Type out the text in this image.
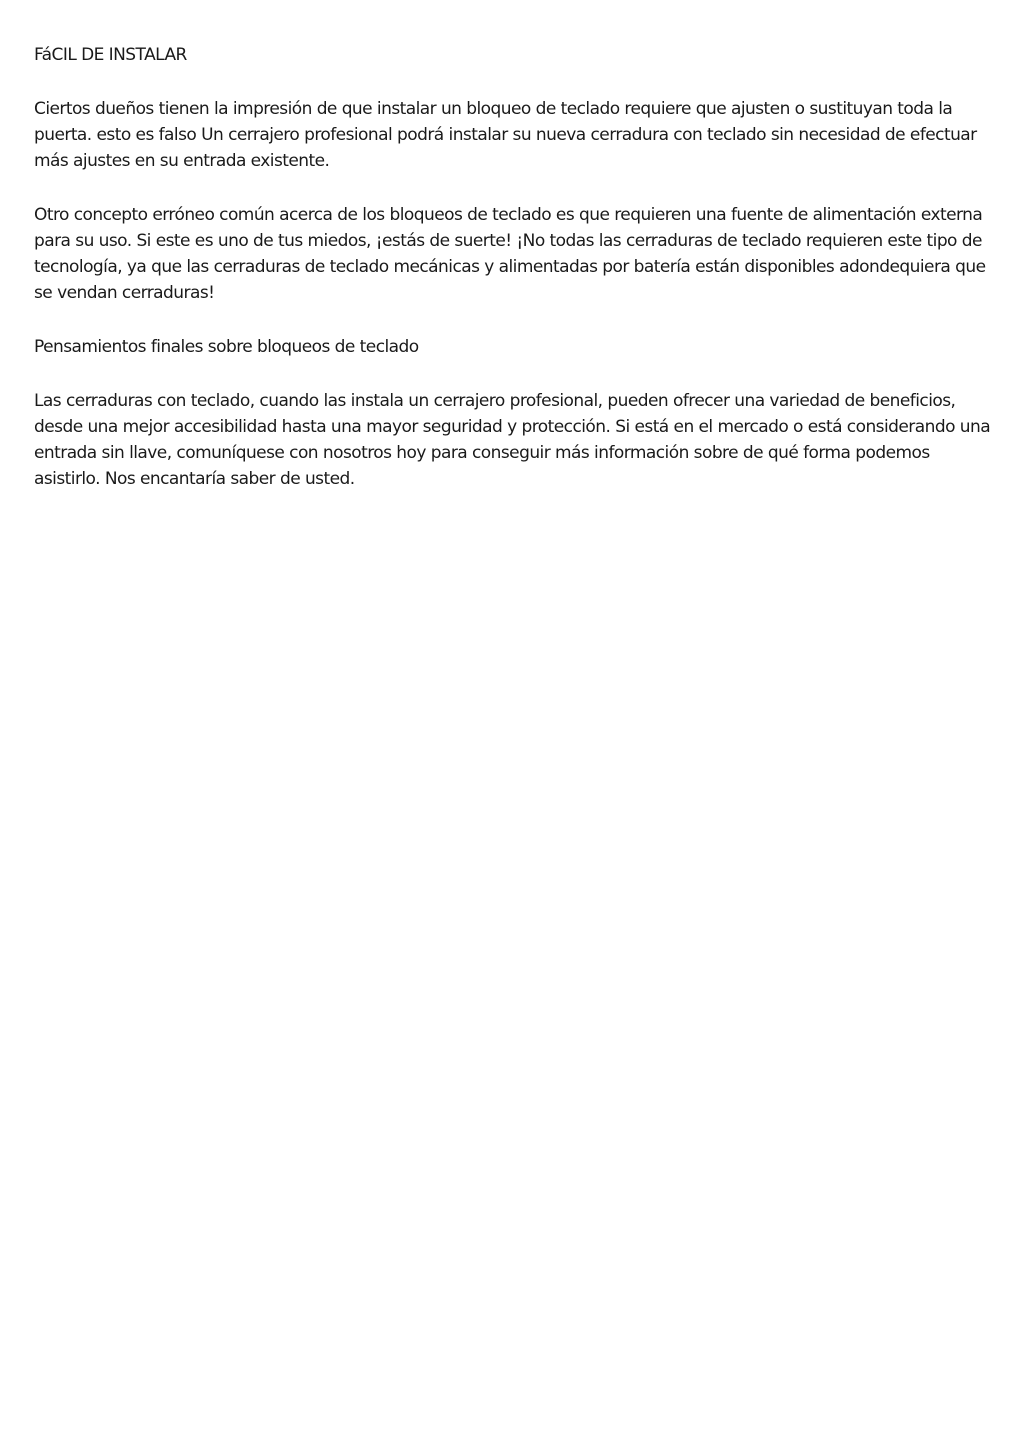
FáCIL DE INSTALAR

Ciertos dueños tienen la impresión de que instalar un bloqueo de teclado requiere que ajusten o sustituyan toda la puerta. esto es falso Un cerrajero profesional podrá instalar su nueva cerradura con teclado sin necesidad de efectuar más ajustes en su entrada existente.

Otro concepto erróneo común acerca de los bloqueos de teclado es que requieren una fuente de alimentación externa para su uso. Si este es uno de tus miedos, ¡estás de suerte! ¡No todas las cerraduras de teclado requieren este tipo de tecnología, ya que las cerraduras de teclado mecánicas y alimentadas por batería están disponibles adondequiera que se vendan cerraduras!

Pensamientos finales sobre bloqueos de teclado

Las cerraduras con teclado, cuando las instala un cerrajero profesional, pueden ofrecer una variedad de beneficios, desde una mejor accesibilidad hasta una mayor seguridad y protección. Si está en el mercado o está considerando una entrada sin llave, comuníquese con nosotros hoy para conseguir más información sobre de qué forma podemos asistirlo. Nos encantaría saber de usted.
